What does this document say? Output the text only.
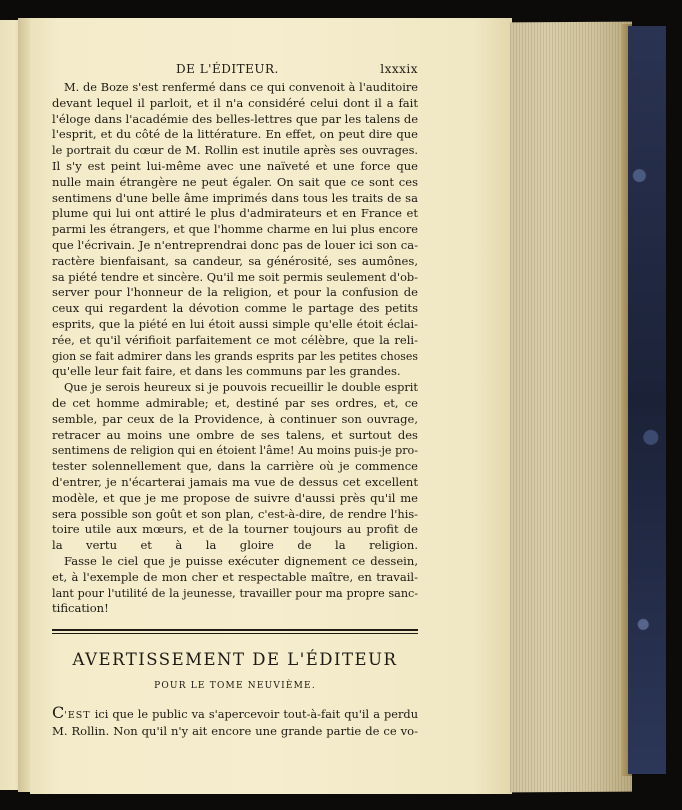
DE L'ÉDITEUR.	lxxxix

M. de Boze s'est renfermé dans ce qui convenoit à l'auditoire
devant lequel il parloit, et il n'a considéré celui dont il a fait
l'éloge dans l'académie des belles-lettres que par les talens de
l'esprit, et du côté de la littérature. En effet, on peut dire que
le portrait du cœur de M. Rollin est inutile après ses ouvrages.
Il s'y est peint lui-même avec une naïveté et une force que
nulle main étrangère ne peut égaler. On sait que ce sont ces
sentimens d'une belle âme imprimés dans tous les traits de sa
plume qui lui ont attiré le plus d'admirateurs et en France et
parmi les étrangers, et que l'homme charme en lui plus encore
que l'écrivain. Je n'entreprendrai donc pas de louer ici son ca-
ractère bienfaisant, sa candeur, sa générosité, ses aumônes,
sa piété tendre et sincère. Qu'il me soit permis seulement d'ob-
server pour l'honneur de la religion, et pour la confusion de
ceux qui regardent la dévotion comme le partage des petits
esprits, que la piété en lui étoit aussi simple qu'elle étoit éclai-
rée, et qu'il vérifioit parfaitement ce mot célèbre, que la reli-
gion se fait admirer dans les grands esprits par les petites choses
qu'elle leur fait faire, et dans les communs par les grandes.

Que je serois heureux si je pouvois recueillir le double esprit
de cet homme admirable; et, destiné par ses ordres, et, ce
semble, par ceux de la Providence, à continuer son ouvrage,
retracer au moins une ombre de ses talens, et surtout des
sentimens de religion qui en étoient l'âme! Au moins puis-je pro-
tester solennellement que, dans la carrière où je commence
d'entrer, je n'écarterai jamais ma vue de dessus cet excellent
modèle, et que je me propose de suivre d'aussi près qu'il me
sera possible son goût et son plan, c'est-à-dire, de rendre l'his-
toire utile aux mœurs, et de la tourner toujours au profit de
la vertu et à la gloire de la religion.

Fasse le ciel que je puisse exécuter dignement ce dessein,
et, à l'exemple de mon cher et respectable maître, en travail-
lant pour l'utilité de la jeunesse, travailler pour ma propre sanc-
tification!

AVERTISSEMENT DE L'ÉDITEUR
POUR LE TOME NEUVIÈME.

C'EST ici que le public va s'apercevoir tout-à-fait qu'il a perdu
M. Rollin. Non qu'il n'y ait encore une grande partie de ce vo-
